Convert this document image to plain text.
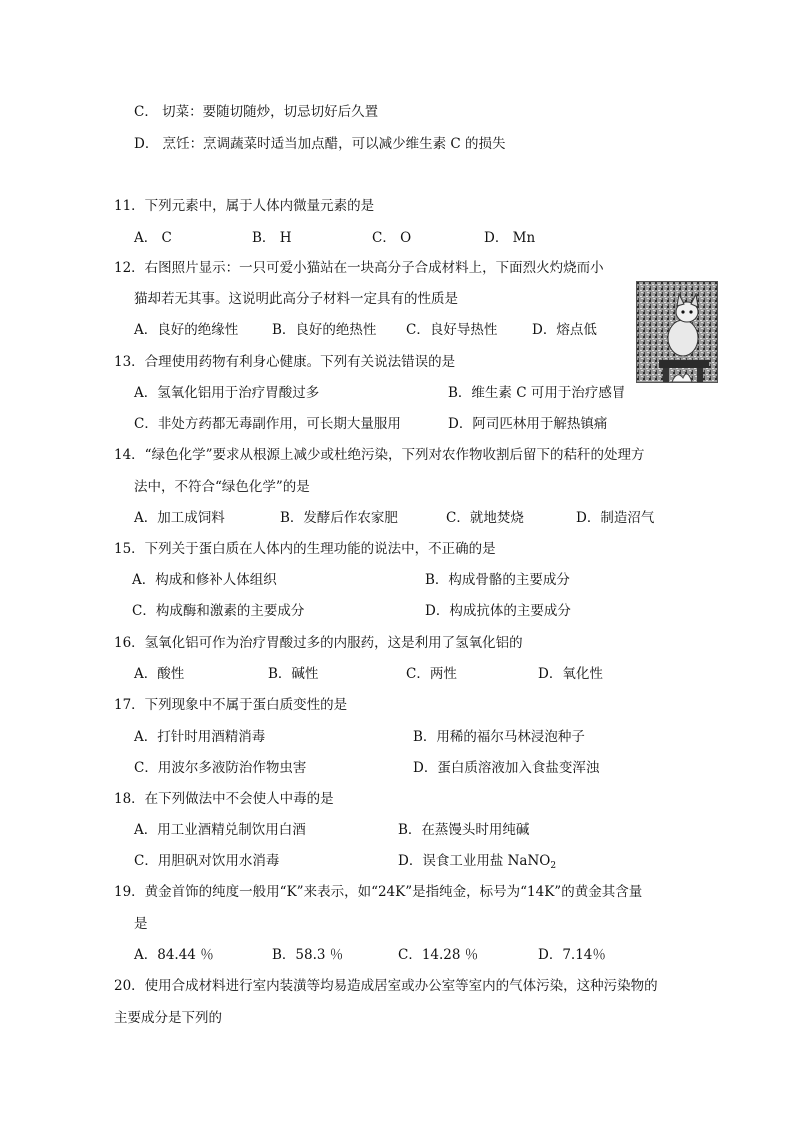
C． 切菜：要随切随炒，切忌切好后久置
D． 烹饪：烹调蔬菜时适当加点醋，可以减少维生素 C 的损失
11．下列元素中，属于人体内微量元素的是
A． C	B． H	C． O	D． Mn
12．右图照片显示：一只可爱小猫站在一块高分子合成材料上，下面烈火灼烧而小
猫却若无其事。这说明此高分子材料一定具有的性质是
A．良好的绝缘性	B．良好的绝热性 C．良好导热性	D．熔点低
13．合理使用药物有利身心健康。下列有关说法错误的是
A．氢氧化铝用于治疗胃酸过多	B．维生素 C 可用于治疗感冒
C．非处方药都无毒副作用，可长期大量服用	D．阿司匹林用于解热镇痛
14．“绿色化学”要求从根源上减少或杜绝污染，下列对农作物收割后留下的秸秆的处理方
法中，不符合“绿色化学”的是
A．加工成饲料	B．发酵后作农家肥	C．就地焚烧	D．制造沼气
15．下列关于蛋白质在人体内的生理功能的说法中，不正确的是
A．构成和修补人体组织	B．构成骨骼的主要成分
C．构成酶和激素的主要成分	D．构成抗体的主要成分
16．氢氧化铝可作为治疗胃酸过多的内服药，这是利用了氢氧化铝的
A．酸性	B．碱性	C．两性	D．氧化性
17．下列现象中不属于蛋白质变性的是
A．打针时用酒精消毒	B．用稀的福尔马林浸泡种子
C．用波尔多液防治作物虫害	D．蛋白质溶液加入食盐变浑浊
18．在下列做法中不会使人中毒的是
A．用工业酒精兑制饮用白酒	B．在蒸馒头时用纯碱
C．用胆矾对饮用水消毒	D．误食工业用盐 NaNO$_2$
19．黄金首饰的纯度一般用“K”来表示，如“24K”是指纯金，标号为“14K”的黄金其含量
是
A．84.44 ％	B．58.3 ％	C．14.28 ％	D．7.14％
20．使用合成材料进行室内装潢等均易造成居室或办公室等室内的气体污染，这种污染物的
主要成分是下列的
